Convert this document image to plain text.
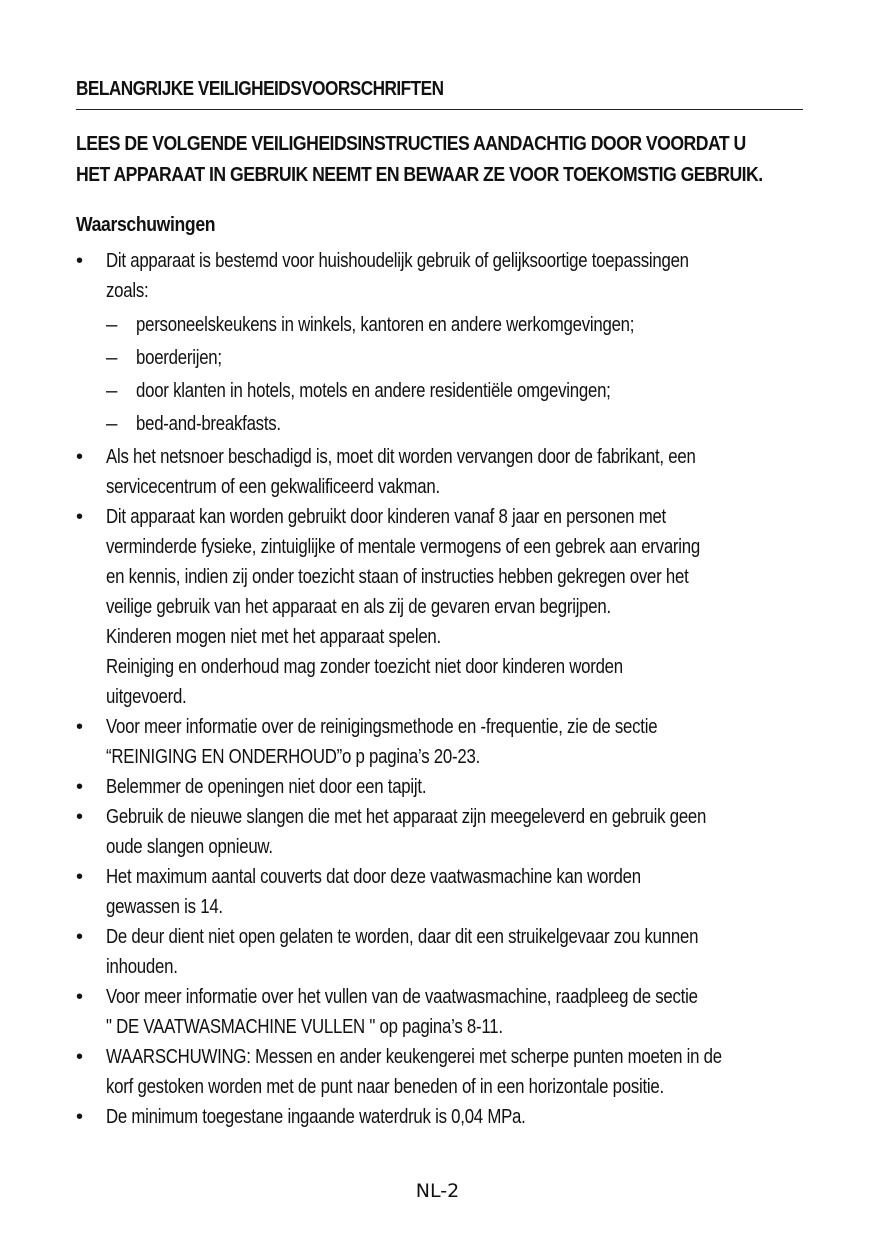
BELANGRIJKE VEILIGHEIDSVOORSCHRIFTEN
LEES DE VOLGENDE VEILIGHEIDSINSTRUCTIES AANDACHTIG DOOR VOORDAT U
HET APPARAAT IN GEBRUIK NEEMT EN BEWAAR ZE VOOR TOEKOMSTIG GEBRUIK.
Waarschuwingen
• Dit apparaat is bestemd voor huishoudelijk gebruik of gelijksoortige toepassingen
zoals:
– personeelskeukens in winkels, kantoren en andere werkomgevingen;
– boerderijen;
– door klanten in hotels, motels en andere residentiële omgevingen;
– bed-and-breakfasts.
• Als het netsnoer beschadigd is, moet dit worden vervangen door de fabrikant, een
servicecentrum of een gekwalificeerd vakman.
• Dit apparaat kan worden gebruikt door kinderen vanaf 8 jaar en personen met
verminderde fysieke, zintuiglijke of mentale vermogens of een gebrek aan ervaring
en kennis, indien zij onder toezicht staan of instructies hebben gekregen over het
veilige gebruik van het apparaat en als zij de gevaren ervan begrijpen.
Kinderen mogen niet met het apparaat spelen.
Reiniging en onderhoud mag zonder toezicht niet door kinderen worden
uitgevoerd.
• Voor meer informatie over de reinigingsmethode en -frequentie, zie de sectie
“REINIGING EN ONDERHOUD”o p pagina’s 20-23.
• Belemmer de openingen niet door een tapijt.
• Gebruik de nieuwe slangen die met het apparaat zijn meegeleverd en gebruik geen
oude slangen opnieuw.
• Het maximum aantal couverts dat door deze vaatwasmachine kan worden
gewassen is 14.
• De deur dient niet open gelaten te worden, daar dit een struikelgevaar zou kunnen
inhouden.
• Voor meer informatie over het vullen van de vaatwasmachine, raadpleeg de sectie
" DE VAATWASMACHINE VULLEN " op pagina’s 8-11.
• WAARSCHUWING: Messen en ander keukengerei met scherpe punten moeten in de
korf gestoken worden met de punt naar beneden of in een horizontale positie.
• De minimum toegestane ingaande waterdruk is 0,04 MPa.
NL-2
